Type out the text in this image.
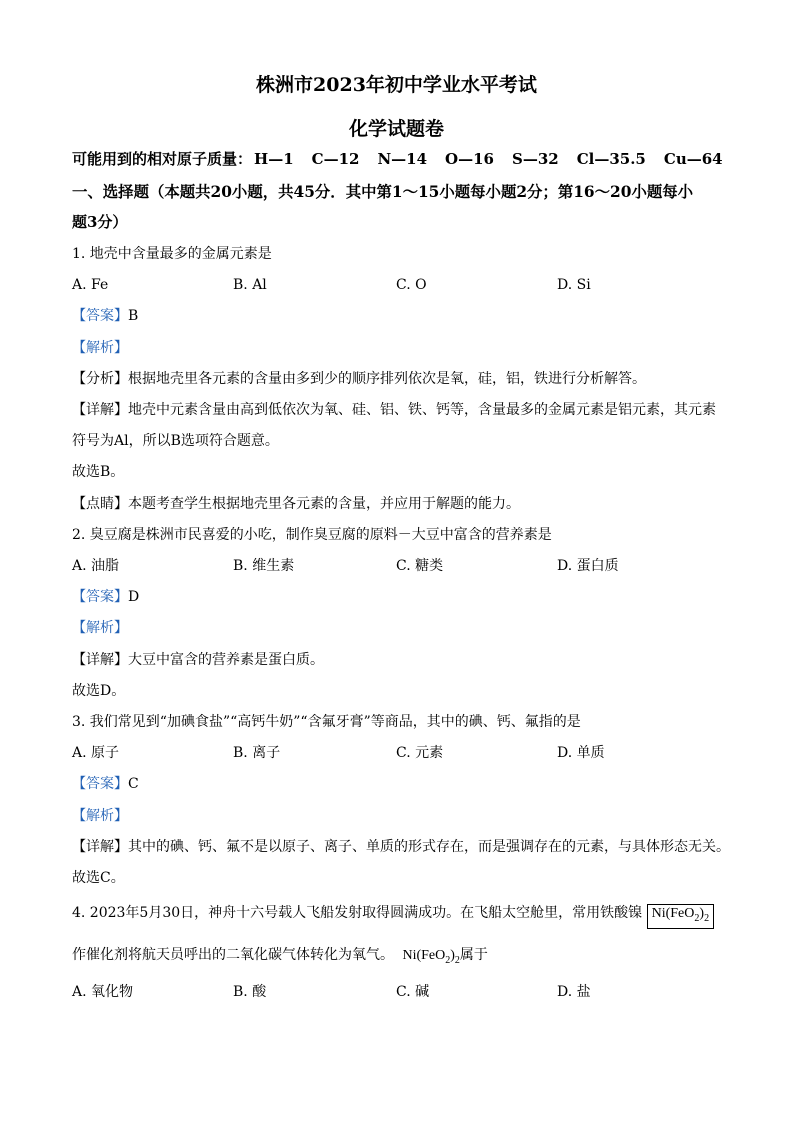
株洲市2023年初中学业水平考试
化学试题卷
可能用到的相对原子质量： H—1 C—12 N—14 O—16 S—32 Cl—35.5 Cu—64
一、选择题（本题共20小题，共45分．其中第1～15小题每小题2分；第16～20小题每小
题3分）
1. 地壳中含量最多的金属元素是
A. Fe	B. Al	C. O	D. Si
【答案】B
【解析】
【分析】根据地壳里各元素的含量由多到少的顺序排列依次是氧，硅，铝，铁进行分析解答。
【详解】地壳中元素含量由高到低依次为氧、硅、铝、铁、钙等，含量最多的金属元素是铝元素，其元素
符号为Al，所以B选项符合题意。
故选B。
【点睛】本题考查学生根据地壳里各元素的含量，并应用于解题的能力。
2. 臭豆腐是株洲市民喜爱的小吃，制作臭豆腐的原料－大豆中富含的营养素是
A. 油脂	B. 维生素	C. 糖类	D. 蛋白质
【答案】D
【解析】
【详解】大豆中富含的营养素是蛋白质。
故选D。
3. 我们常见到“加碘食盐”“高钙牛奶”“含氟牙膏”等商品，其中的碘、钙、氟指的是
A. 原子	B. 离子	C. 元素	D. 单质
【答案】C
【解析】
【详解】其中的碘、钙、氟不是以原子、离子、单质的形式存在，而是强调存在的元素，与具体形态无关。
故选C。
4. 2023年5月30日，神舟十六号载人飞船发射取得圆满成功。在飞船太空舱里，常用铁酸镍 $Ni(FeO_2)_2$
作催化剂将航天员呼出的二氧化碳气体转化为氧气。 $Ni(FeO_2)_2$属于
A. 氧化物	B. 酸	C. 碱	D. 盐
